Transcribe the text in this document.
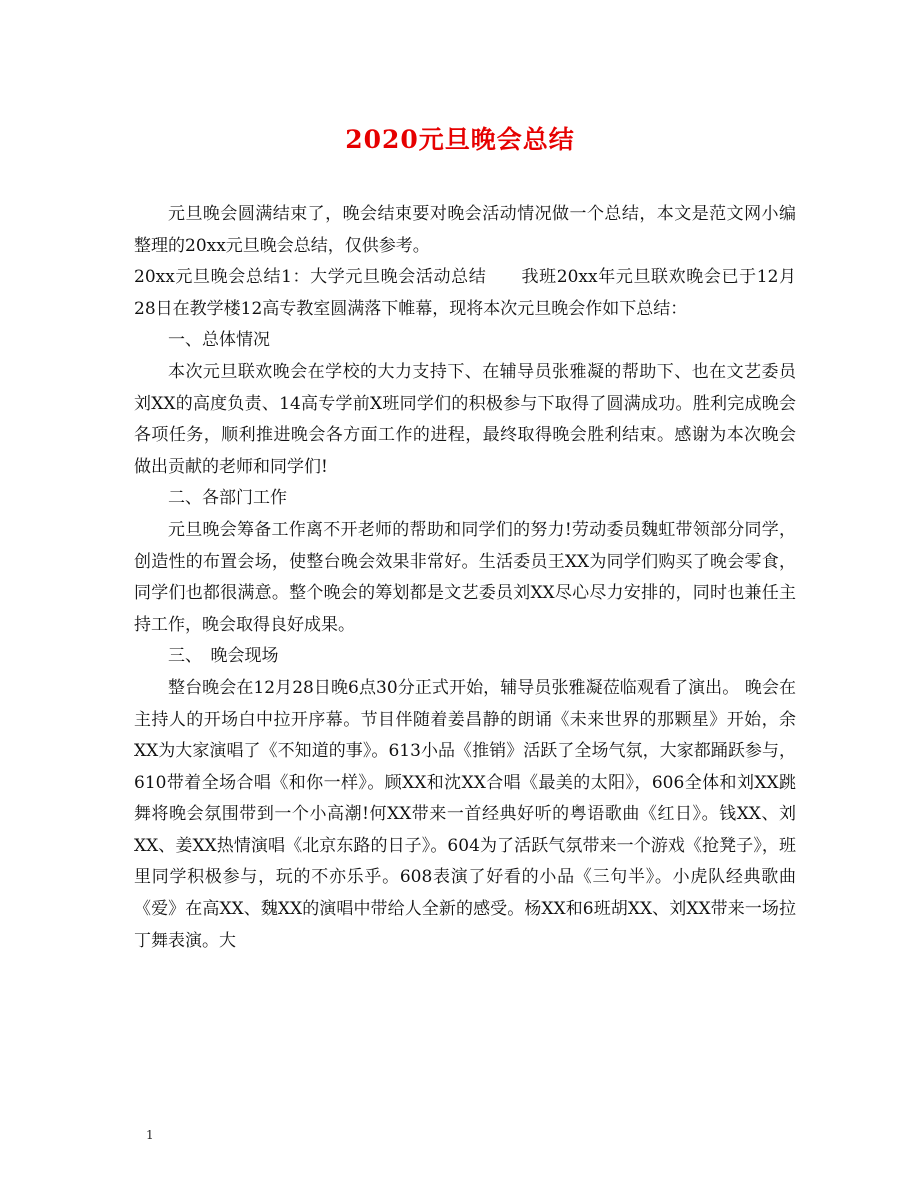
2020元旦晚会总结

元旦晚会圆满结束了，晚会结束要对晚会活动情况做一个总结，本文是范文网小编整理的20xx元旦晚会总结，仅供参考。

20xx元旦晚会总结1：大学元旦晚会活动总结　　我班20xx年元旦联欢晚会已于12月28日在教学楼12高专教室圆满落下帷幕，现将本次元旦晚会作如下总结：

一、总体情况

本次元旦联欢晚会在学校的大力支持下、在辅导员张雅凝的帮助下、也在文艺委员刘XX的高度负责、14高专学前X班同学们的积极参与下取得了圆满成功。胜利完成晚会各项任务，顺利推进晚会各方面工作的进程，最终取得晚会胜利结束。感谢为本次晚会做出贡献的老师和同学们!

二、各部门工作

元旦晚会筹备工作离不开老师的帮助和同学们的努力!劳动委员魏虹带领部分同学，创造性的布置会场，使整台晚会效果非常好。生活委员王XX为同学们购买了晚会零食，同学们也都很满意。整个晚会的筹划都是文艺委员刘XX尽心尽力安排的，同时也兼任主持工作，晚会取得良好成果。

三、　晚会现场

整台晚会在12月28日晚6点30分正式开始，辅导员张雅凝莅临观看了演出。 晚会在主持人的开场白中拉开序幕。节目伴随着姜昌静的朗诵《未来世界的那颗星》开始，余XX为大家演唱了《不知道的事》。613小品《推销》活跃了全场气氛，大家都踊跃参与，610带着全场合唱《和你一样》。顾XX和沈XX合唱《最美的太阳》，606全体和刘XX跳舞将晚会氛围带到一个小高潮!何XX带来一首经典好听的粤语歌曲《红日》。钱XX、刘XX、姜XX热情演唱《北京东路的日子》。604为了活跃气氛带来一个游戏《抢凳子》，班里同学积极参与，玩的不亦乐乎。608表演了好看的小品《三句半》。小虎队经典歌曲《爱》在高XX、魏XX的演唱中带给人全新的感受。杨XX和6班胡XX、刘XX带来一场拉丁舞表演。大

1
